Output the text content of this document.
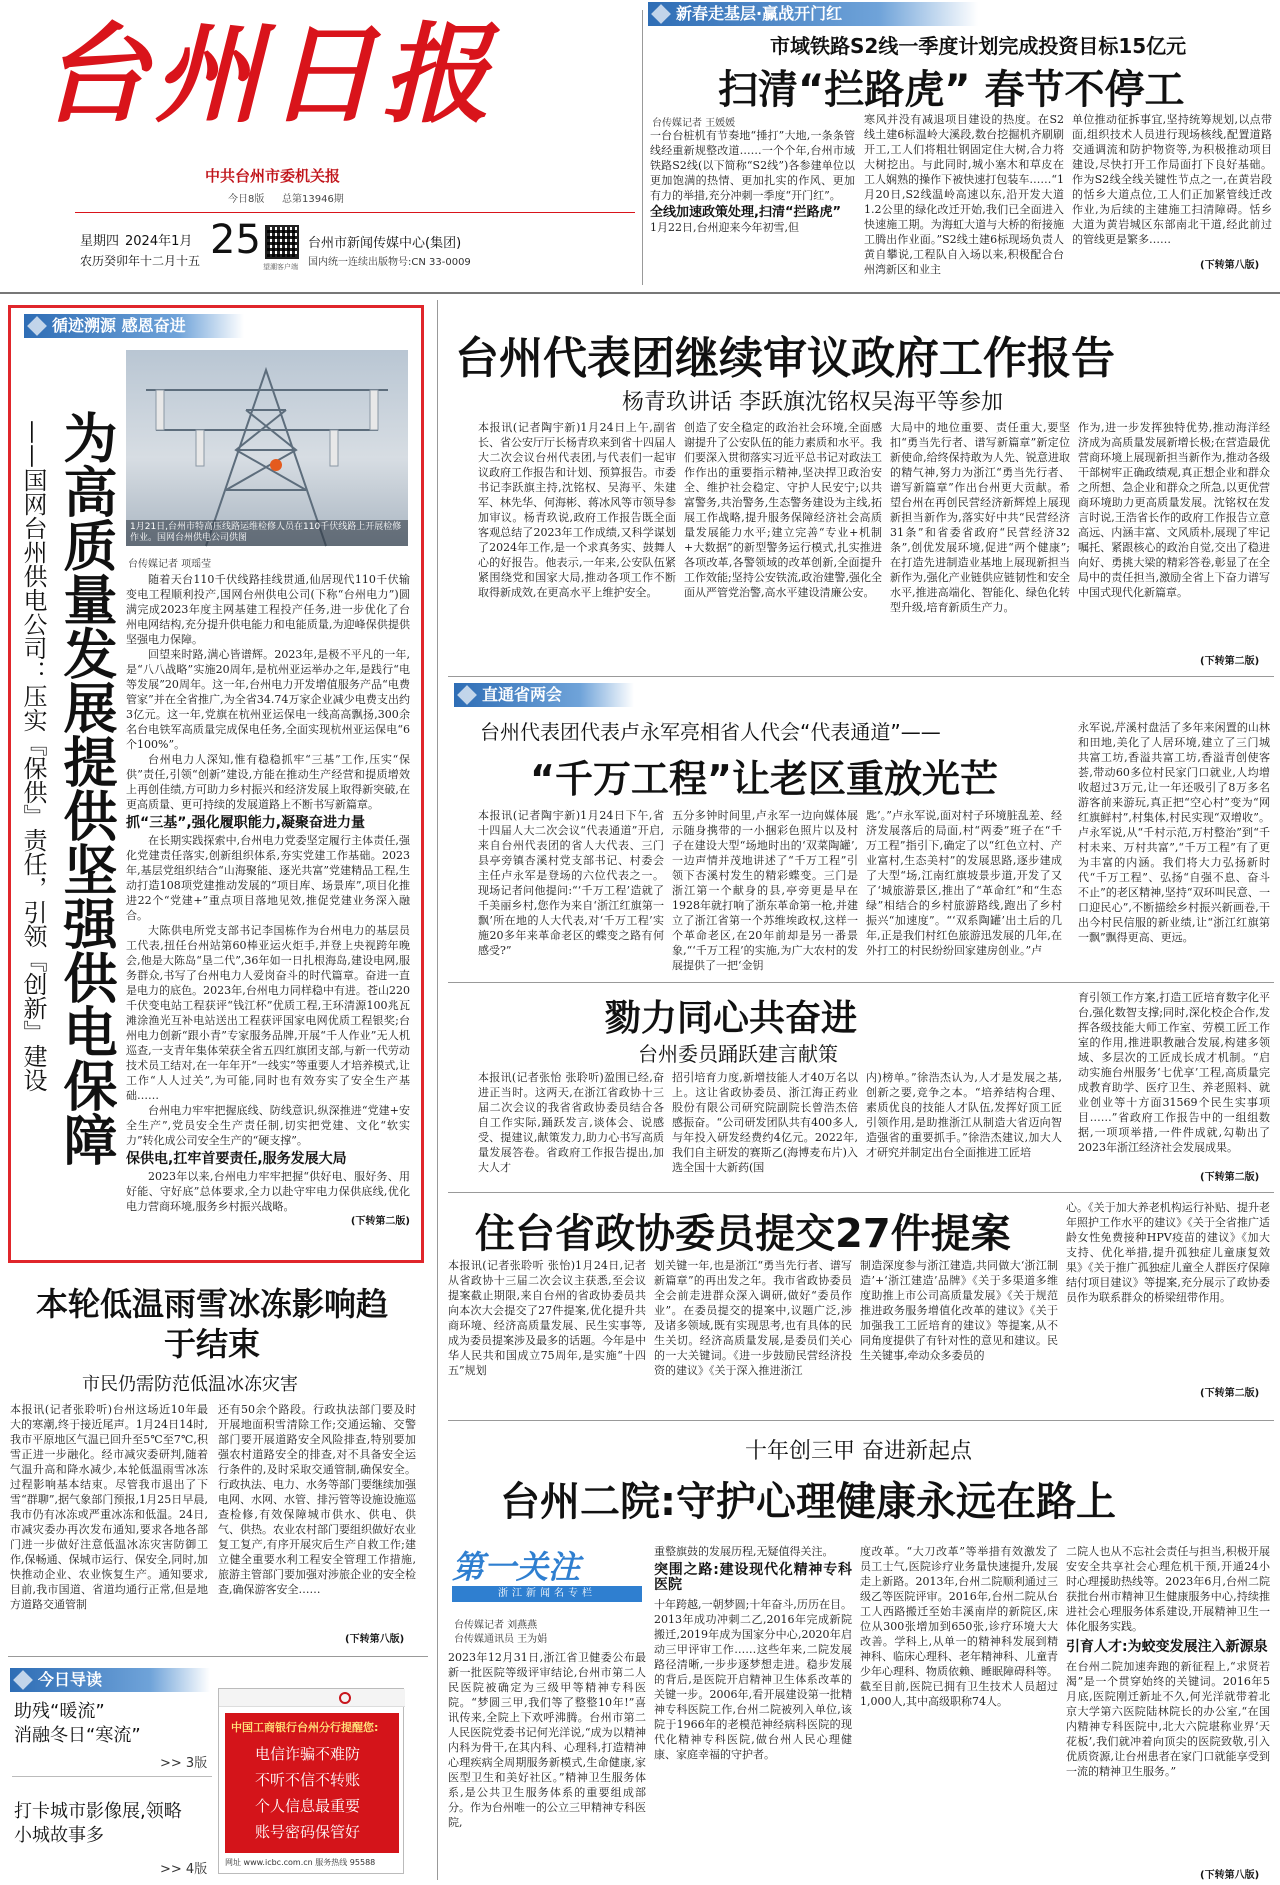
台州日报
中共台州市委机关报
今日8版 总第13946期
星期四 2024年1月 25
农历癸卯年十二月十五	望潮客户端
台州市新闻传媒中心(集团)
国内统一连续出版物号:CN 33-0009
新春走基层·赢战开门红
市域铁路S2线一季度计划完成投资目标15亿元
扫清“拦路虎” 春节不停工
台传媒记者 王媛媛

一台台桩机有节奏地“捶打”大地,一条条管线经重新规整改道……一个个年,台州市域铁路S2线(以下简称“S2线”)各参建单位以更加饱满的热情、更加扎实的作风、更加有力的举措,充分冲刺一季度“开门红”。

全线加速政策处理,扫清“拦路虎”

1月22日,台州迎来今年初雪,但

寒风并没有减退项目建设的热度。在S2线土建6标温岭大溪段,数台挖掘机齐刷刷开工,工人们将粗壮钢固定住大树,合力将大树挖出。与此同时,城小塞木和草皮在工人娴熟的操作下被快速打包装车……“1月20日,S2线温岭高速以东,沿开发大道1.2公里的绿化改迁开始,我们已全面进入快速施工期。为海虹大道与大桥的衔接施工腾出作业面。”S2线土建6标现场负责人黄自攀说,工程队自入场以来,积极配合台州湾新区和业主

单位推动征拆事宜,坚持统筹规划,以点带面,组织技术人员进行现场核线,配置道路交通调流和防护物资等,为积极推动项目建设,尽快打开工作局面打下良好基础。作为S2线全线关键性节点之一,在黄岩段的恬乡大道点位,工人们正加紧管线迁改作业,为后续的主建施工扫清障碍。恬乡大道为黄岩城区东部南北干道,经此前过的管线更是繁多……

(下转第八版)
循迹溯源 感恩奋进
——国网台州供电公司：压实『保供』责任，引领『创新』建设 为高质量发展提供坚强供电保障	1月21日,台州市特高压线路运维检修人员在110千伏线路上开展检修作业。国网台州供电公司供图
台传媒记者 项瑶莹

随着天台110千伏线路挂线贯通,仙居现代110千伏输变电工程顺利投产,国网台州供电公司(下称“台州电力”)圆满完成2023年度主网基建工程投产任务,进一步优化了台州电网结构,充分提升供电能力和电能质量,为迎峰保供提供坚强电力保障。

回望来时路,满心皆谱辉。2023年,是极不平凡的一年,是“八八战略”实施20周年,是杭州亚运举办之年,是践行“电等发展”20周年。这一年,台州电力开发增值服务产品“电费管家”并在全省推广,为全省34.74万家企业减少电费支出约3亿元。这一年,党旗在杭州亚运保电一线高高飘扬,300余名台电铁军高质量完成保电任务,全面实现杭州亚运保电“6个100%”。

台州电力人深知,惟有稳稳抓牢“三基”工作,压实“保供”责任,引领“创新”建设,方能在推动生产经营和提质增效上再创佳绩,方可助力乡村振兴和经济发展上取得新突破,在更高质量、更可持续的发展道路上不断书写新篇章。

抓“三基”,强化履职能力,凝聚奋进力量

在长期实践探索中,台州电力党委坚定履行主体责任,强化党建责任落实,创新组织体系,夯实党建工作基础。2023年,基层党组织结合“山海聚能、逐光共富”党建精品工程,生动打造108项党建推动发展的“项目库、场景库”,项目化推进22个“党建+”重点项目落地见效,推促党建业务深入融合。

大陈供电所党支部书记李国栋作为台州电力的基层员工代表,扭任台州站第60棒亚运火炬手,并登上央视跨年晚会,他是大陈岛“垦二代”,36年如一日扎根海岛,建设电网,服务群众,书写了台州电力人爱岗奋斗的时代篇章。奋进一直是电力的底色。2023年,台州电力同样稳中有进。苍山220千伏变电站工程获评“钱江杯”优质工程,王环清源100兆瓦滩涂渔光互补电站送出工程获评国家电网优质工程银奖;台州电力创新“跟小青”专家服务品牌,开展“千人作业”无人机巡查,一支青年集体荣获全省五四红旗团支部,与新一代劳动技术员工结对,在一年年开“一线实”等重要人才培养模式,让工作“人人过关”,为可能,同时也有效夯实了安全生产基础……

台州电力牢牢把握底线、防线意识,纵深推进“党建+安全生产”,党员安全生产责任制,切实把党建、文化“软实力”转化成公司安全生产的“硬支撑”。

保供电,扛牢首要责任,服务发展大局

2023年以来,台州电力牢牢把握“供好电、服好务、用好能、守好底”总体要求,全力以赴守牢电力保供底线,优化电力营商环境,服务乡村振兴战略。

(下转第二版)

台州代表团继续审议政府工作报告
杨青玖讲话 李跃旗沈铭权吴海平等参加

本报讯(记者陶宇新)1月24日上午,副省长、省公安厅厅长杨青玖来到省十四届人大二次会议台州代表团,与代表们一起审议政府工作报告和计划、预算报告。市委书记李跃旗主持,沈铭权、吴海平、朱建军、林先华、何海彬、蒋冰风等市领导参加审议。杨青玖说,政府工作报告既全面客观总结了2023年工作成绩,又科学谋划了2024年工作,是一个求真务实、鼓舞人心的好报告。他表示,一年来,公安队伍紧紧围绕党和国家大局,推动各项工作不断取得新成效,在更高水平上维护安全。

创造了安全稳定的政治社会环境,全面感谢提升了公安队伍的能力素质和水平。我们要深入贯彻落实习近平总书记对政法工作作出的重要指示精神,坚决捍卫政治安全、维护社会稳定、守护人民安宁;以共富警务,共治警务,生态警务建设为主线,拓展工作战略,提升服务保障经济社会高质量发展能力水平;建立完善“专业+机制+大数据”的新型警务运行模式,扎实推进各项改革,各警领域的改革创新,全面提升工作效能;坚持公安铁流,政治建警,强化全面从严管党治警,高水平建设清廉公安。

大局中的地位重要、责任重大,要坚扣“勇当先行者、谱写新篇章”新定位新使命,给终保持敢为人先、锐意进取的精气神,努力为浙江“勇当先行者、谱写新篇章”作出台州更大贡献。希望台州在再创民营经济新辉煌上展现新担当新作为,落实好中共“民营经济31条”和省委省政府“民营经济32条”,创优发展环境,促进“两个健康”;在打造先进制造业基地上展现新担当新作为,强化产业链供应链韧性和安全水平,推进高端化、智能化、绿色化转型升级,培育新质生产力。

作为,进一步发挥独特优势,推动海洋经济成为高质量发展新增长极;在营造最优营商环境上展现新担当新作为,推动各级干部树牢正确政绩观,真正想企业和群众之所想、急企业和群众之所急,以更优营商环境助力更高质量发展。沈铭权在发言时说,王浩省长作的政府工作报告立意高远、内涵丰富、文风质朴,展现了牢记嘱托、紧跟核心的政治自觉,交出了稳进向好、勇挑大梁的精彩答卷,彰显了在全局中的责任担当,激励全省上下奋力谱写中国式现代化新篇章。

(下转第二版)
直通省两会
台州代表团代表卢永军亮相省人代会“代表通道”——
“千万工程”让老区重放光芒

本报讯(记者陶宇新)1月24日下午,省十四届人大二次会议“代表通道”开启,来自台州代表团的省人大代表、三门县亭旁镇杏溪村党支部书记、村委会主任卢永军是登场的六位代表之一。现场记者问他提问:“‘千万工程’造就了千美丽乡村,您作为来自‘浙江红旗第一飘’所在地的人大代表,对‘千万工程’实施20多年来革命老区的蝶变之路有何感受?”

五分多钟时间里,卢永军一边向媒体展示随身携带的一小捆彩色照片以及村子在建设大型“场地时出的‘双菜陶罐’,一边声情并茂地讲述了“千万工程”引领下杏溪村发生的精彩蝶变。三门是浙江第一个献身的县,亭旁更是早在1928年就打响了浙东革命第一枪,并建立了浙江省第一个苏维埃政权,这样一个革命老区,在20年前却是另一番景象,“‘千万工程’的实施,为广大农村的发展提供了一把‘金钥

匙’。”卢永军说,面对村子环境脏乱差、经济发展落后的局面,村“两委”班子在“千万工程”指引下,确定了以“红色立村、产业富村,生态美村”的发展思路,逐步建成了大型“场,江南红旗坡景步道,开发了又了‘城旅游景区,推出了“革命红”和“生态绿”相结合的乡村旅游路线,跑出了乡村振兴“加速度”。“‘双系陶罐’出土后的几年,正是我们村红色旅游迅发展的几年,在外打工的村民纷纷回家建房创业。”卢

永军说,芹溪村盘活了多年来闲置的山林和田地,美化了人居环境,建立了三门城共富工坊,香溢共富工坊,香溢青创使客荟,带动60多位村民家门口就业,人均增收超过3万元,让一年还吸引了8万多名游客前来游玩,真正把“空心村”变为“网红旗鲜村”,村集体,村民实现“双增收”。卢永军说,从“千村示范,万村整治”到“千村未来、万村共富”,“千万工程”有了更为丰富的内涵。我们将大力弘扬新时代“千万工程”、弘扬“自强不息、奋斗不止”的老区精神,坚持“双环叫民意、一口迎民心”,不断描绘乡村振兴新画卷,干出今村民信服的新业绩,让“浙江红旗第一飘”飘得更高、更远。

勠力同心共奋进
台州委员踊跃建言献策

本报讯(记者张怡 张聆听)盈围已经,奋进正当时。这两天,在浙江省政协十三届二次会议的我省省政协委员结合各自工作实际,踊跃发言,谈体会、说感受、提建议,献策发力,助力心书写高质量发展答卷。省政府工作报告提出,加大人才

招引培育力度,新增技能人才40万名以上。这让省政协委员、浙江海正药业股份有限公司研究院副院长曾浩杰倍感振奋。“公司研发团队共有400多人,与年投入研发经费约4亿元。2022年,我们自主研发的赛斯乙(海博麦布片)入选全国十大新药(国

内)榜单。”徐浩杰认为,人才是发展之基,创新之要,竞争之本。“培养结构合理、素质优良的技能人才队伍,发挥好顶工匠引领作用,是助推浙江从制造大省迈向智造强省的重要抓手。”徐浩杰建议,加大人才研究并制定出台全面推进工匠培

育引领工作方案,打造工匠培育数字化平台,强化数智支撑;同时,深化校企合作,发挥各级技能大师工作室、劳模工匠工作室的作用,推进职教融合发展,构建多领域、多层次的工匠成长成才机制。“启动实施台州服务‘七优享’工程,高质量完成教育助学、医疗卫生、养老照料、就业创业等十方面31569个民生实事项目……”省政府工作报告中的一组组数据,一项项举措,一件件成就,勾勒出了2023年浙江经济社会发展成果。

(下转第二版)
住台省政协委员提交27件提案

本报讯(记者张聆听 张怡)1月24日,记者从省政协十三届二次会议主获悉,至会议提案截止期限,来自台州的省政协委员共向本次大会提交了27件提案,优化提升共商环境、经济高质量发展、民生实事等,成为委员提案涉及最多的话题。今年是中华人民共和国成立75周年,是实施“十四五”规划

划关键一年,也是浙江“勇当先行者、谱写新篇章”的再出发之年。我市省政协委员全会前走进群众深入调研,做好“委员作业”。在委员提交的提案中,议题广泛,涉及诸多领域,既有实现思考,也有具体的民生关切。经济高质量发展,是委员们关心的一大关键词。《进一步鼓励民营经济投资的建议》《关于深入推进浙江

制造深度参与浙江建造,共同做大‘浙江制造’+‘浙江建造’品牌》《关于多渠道多维度助推上市公司高质量发展》《关于规范推进政务服务增值化改革的建议》《关于加强我工工匠培育的建议》等提案,从不同角度提供了有针对性的意见和建议。民生关键事,牵动众多委员的

心。《关于加大养老机构运行补贴、提升老年照护工作水平的建议》《关于全省推广适龄女性免费接种HPV疫苗的建议》《加大支持、优化举措,提升孤独症儿童康复效果》《关于推广孤独症儿童全人群医疗保障结付项目建议》等提案,充分展示了政协委员作为联系群众的桥梁纽带作用。

(下转第二版)
本轮低温雨雪冰冻影响趋于结束
市民仍需防范低温冰冻灾害

本报讯(记者张聆听)台州这场近10年最大的寒潮,终于接近尾声。1月24日14时,我市平原地区气温已回升至5℃至7℃,积雪正进一步融化。经市减灾委研判,随着气温升高和降水减少,本轮低温雨雪冰冻过程影响基本结束。尽管我市退出了下雪“群聊”,据气象部门预报,1月25日早晨,我市仍有冰冻或严重冰冻和低温。24日,市减灾委办再次发布通知,要求各地各部门进一步做好注意低温冰冻灾害防御工作,保畅通、保城市运行、保安全,同时,加快推动企业、农业恢复生产。通知要求,目前,我市国道、省道均通行正常,但是地方道路交通管制

还有50余个路段。行政执法部门要及时开展地面积雪清除工作;交通运输、交警部门要开展道路安全风险排查,特别要加强农村道路安全的排查,对不具备安全运行条件的,及时采取交通管制,确保安全。行政执法、电力、水务等部门要继续加强电网、水网、水管、排污管等设施设施巡查检修,有效保障城市供水、供电、供气、供热。农业农村部门要组织做好农业复工复产,有序开展灾后生产自救工作;建立健全重要水利工程安全管理工作措施,旅游主管部门要加强对涉旅企业的安全检查,确保游客安全……

(下转第八版)
今日导读
助残“暖流”
消融冬日“寒流”
>> 3版
打卡城市影像展,领略
小城故事多
>> 4版
中国工商银行台州分行提醒您:
电信诈骗不难防
不听不信不转账
个人信息最重要
账号密码保管好
网址 www.icbc.com.cn 服务热线 95588
十年创三甲 奋进新起点
台州二院:守护心理健康永远在路上
第一关注
浙江新闻名专栏
台传媒记者 刘燕燕
台传媒通讯员 王为娟

2023年12月31日,浙江省卫健委公布最新一批医院等级评审结论,台州市第二人民医院被确定为三级甲等精神专科医院。“梦圆三甲,我们等了整整10年!”喜讯传来,全院上下欢呼沸腾。台州市第二人民医院党委书记何光洋说,“成为以精神内科为骨干,在其内科、心理科,打造精神心理疾病全周期服务新模式,生命健康,家医型卫生和美好社区。”精神卫生服务体系,是公共卫生服务体系的重要组成部分。作为台州唯一的公立三甲精神专科医院,

重整旗鼓的发展历程,无疑值得关注。

突围之路:建设现代化精神专科医院

十年跨越,一朝梦圆;十年奋斗,历历在目。2013年成功冲刺二乙,2016年完成新院搬迁,2019年成为国家分中心,2020年启动三甲评审工作……这些年来,二院发展路径清晰,一步步逐梦想走进。稳步发展的背后,是医院开启精神卫生体系改革的关键一步。2006年,看开展建设第一批精神专科医院工作,台州二院被列入单位,该院于1966年的老模范神经病科医院的现代化精神专科医院,做台州人民心理健康、家庭幸福的守护者。

度改革。“大刀改革”等举措有效激发了员工士气,医院诊疗业务量快速提升,发展走上新路。2013年,台州二院顺利通过三级乙等医院评审。2016年,台州二院从台工人西路搬迁至始丰溪南岸的新院区,床位从300张增加到650张,诊疗环境大大改善。学科上,从单一的精神科发展到精神科、临床心理科、老年精神科、儿童青少年心理科、物质依赖、睡眠障碍科等。截至目前,医院已拥有卫生技术人员超过1,000人,其中高级职称74人。

二院人也从不忘社会责任与担当,积极开展安安全共享社会心理危机干预,开通24小时心理援助热线等。2023年6月,台州二院获批台州市精神卫生健康服务中心,持续推进社会心理服务体系建设,开展精神卫生一体化服务实践。

引育人才:为蛟变发展注入新源泉

在台州二院加速奔跑的新征程上,“求贤若渴”是一个贯穿始终的关键词。2016年5月底,医院刚迁新址不久,何光洋就带着北京大学第六医院陆林院长的办公室,“在国内精神专科医院中,北大六院堪称业界‘天花板’,我们就冲着向顶尖的医院致敬,引入优质资源,让台州患者在家门口就能享受到一流的精神卫生服务。”

(下转第八版)
